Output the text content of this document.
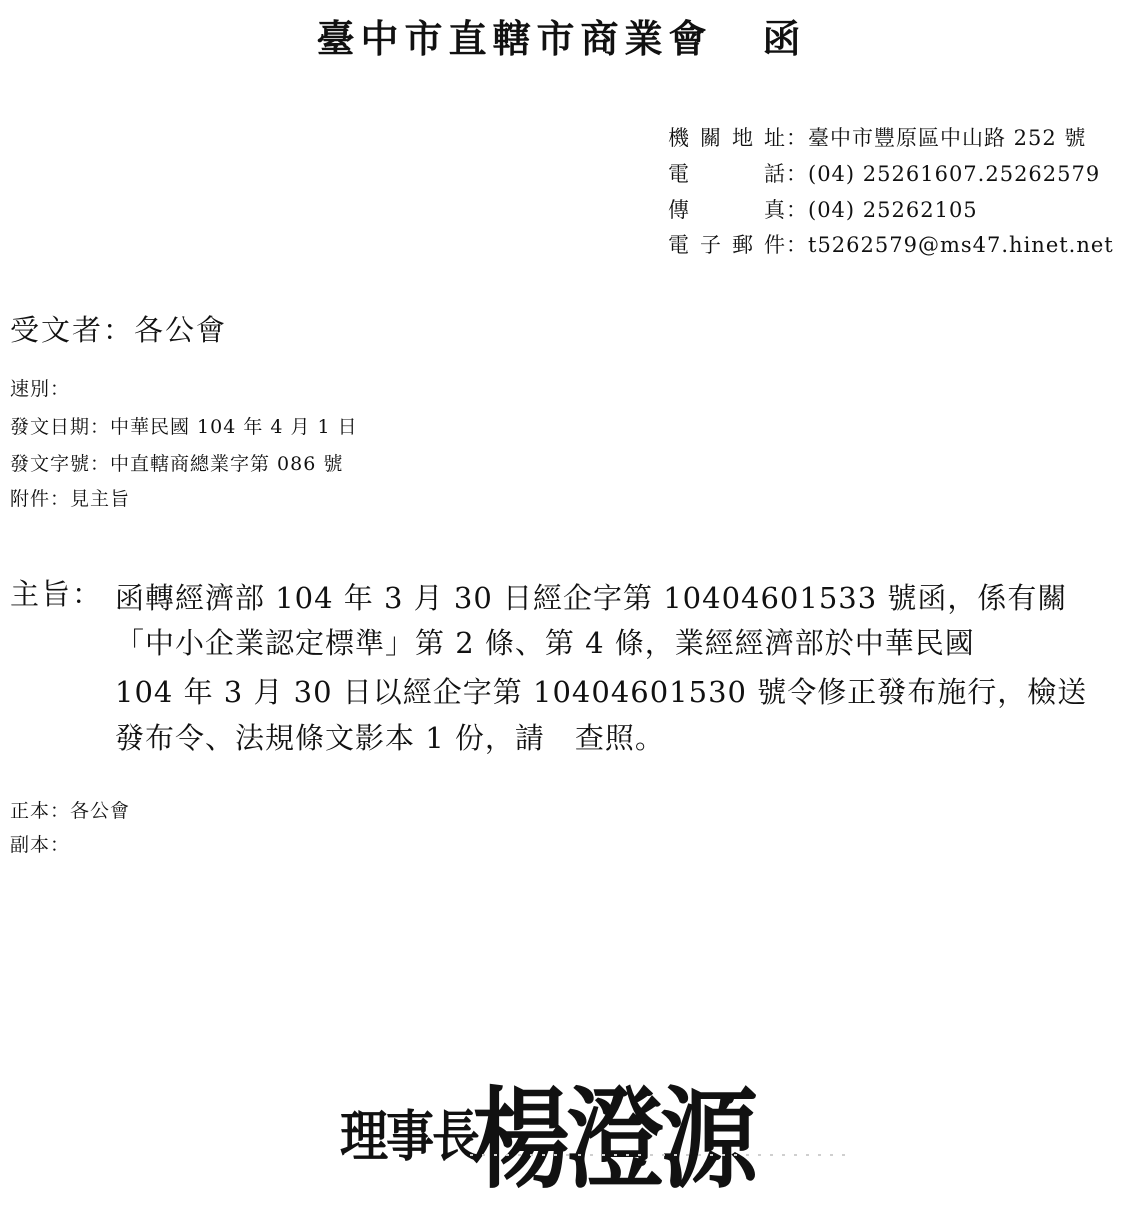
臺中市直轄市商業會 函
機關地址：臺中市豐原區中山路 252 號
電話：(04) 25261607.25262579
傳真：(04) 25262105
電子郵件：t5262579@ms47.hinet.net
受文者：各公會
速別：
發文日期：中華民國 104 年 4 月 1 日
發文字號：中直轄商總業字第 086 號
附件：見主旨
主旨： 函轉經濟部 104 年 3 月 30 日經企字第 10404601533 號函，係有關
「中小企業認定標準」第 2 條、第 4 條，業經經濟部於中華民國
104 年 3 月 30 日以經企字第 10404601530 號令修正發布施行，檢送
發布令、法規條文影本 1 份，請　查照。
正本：各公會
副本：
理事長
楊澄源
